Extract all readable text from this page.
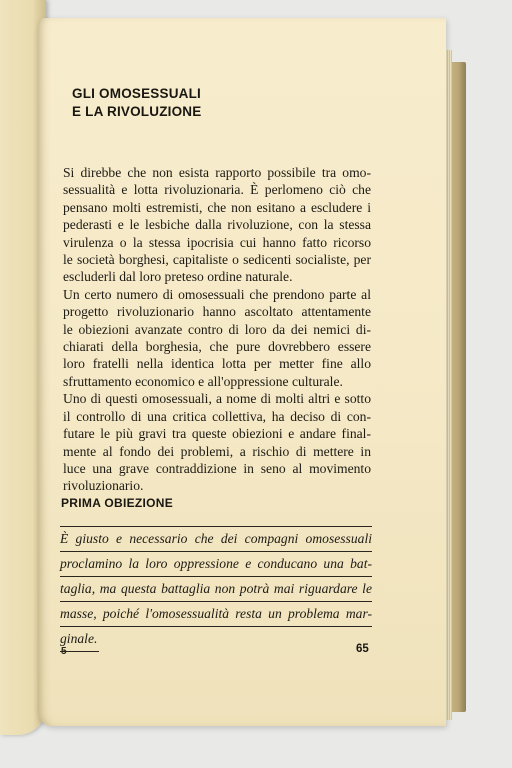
GLI OMOSESSUALI
E LA RIVOLUZIONE
Si direbbe che non esista rapporto possibile tra omo-
sessualità e lotta rivoluzionaria. È perlomeno ciò che
pensano molti estremisti, che non esitano a escludere i
pederasti e le lesbiche dalla rivoluzione, con la stessa
virulenza o la stessa ipocrisia cui hanno fatto ricorso
le società borghesi, capitaliste o sedicenti socialiste, per
escluderli dal loro preteso ordine naturale.
Un certo numero di omosessuali che prendono parte al
progetto rivoluzionario hanno ascoltato attentamente
le obiezioni avanzate contro di loro da dei nemici di-
chiarati della borghesia, che pure dovrebbero essere
loro fratelli nella identica lotta per metter fine allo
sfruttamento economico e all'oppressione culturale.
Uno di questi omosessuali, a nome di molti altri e sotto
il controllo di una critica collettiva, ha deciso di con-
futare le più gravi tra queste obiezioni e andare final-
mente al fondo dei problemi, a rischio di mettere in
luce una grave contraddizione in seno al movimento
rivoluzionario.
PRIMA OBIEZIONE
È giusto e necessario che dei compagni omosessuali
proclamino la loro oppressione e conducano una bat-
taglia, ma questa battaglia non potrà mai riguardare le
masse, poiché l'omosessualità resta un problema mar-
ginale.
5	65
